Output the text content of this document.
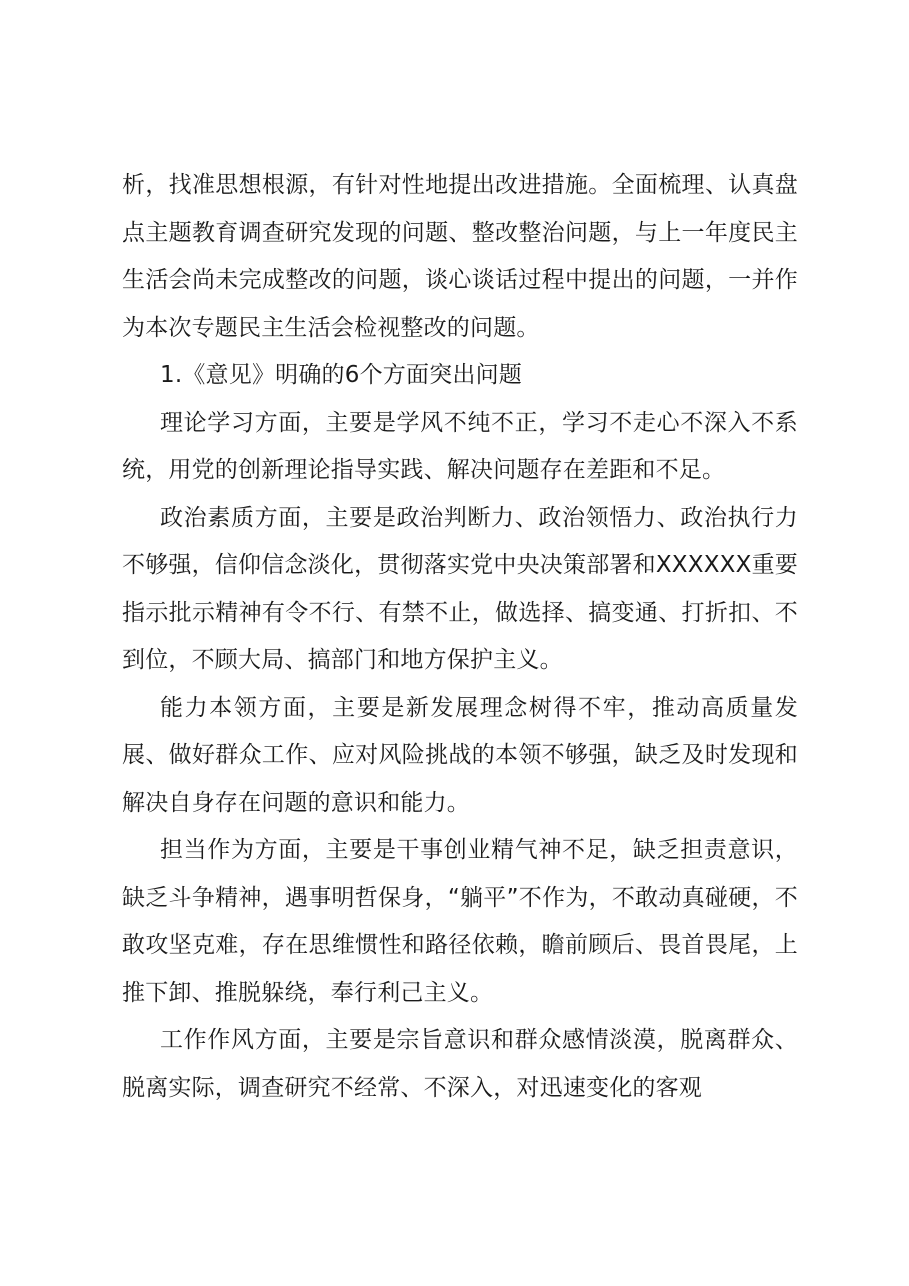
析，找准思想根源，有针对性地提出改进措施。全面梳理、认真盘点主题教育调查研究发现的问题、整改整治问题，与上一年度民主生活会尚未完成整改的问题，谈心谈话过程中提出的问题，一并作为本次专题民主生活会检视整改的问题。

1.《意见》明确的6个方面突出问题

理论学习方面，主要是学风不纯不正，学习不走心不深入不系统，用党的创新理论指导实践、解决问题存在差距和不足。

政治素质方面，主要是政治判断力、政治领悟力、政治执行力不够强，信仰信念淡化，贯彻落实党中央决策部署和XXXXXX重要指示批示精神有令不行、有禁不止，做选择、搞变通、打折扣、不到位，不顾大局、搞部门和地方保护主义。

能力本领方面，主要是新发展理念树得不牢，推动高质量发展、做好群众工作、应对风险挑战的本领不够强，缺乏及时发现和解决自身存在问题的意识和能力。

担当作为方面，主要是干事创业精气神不足，缺乏担责意识，缺乏斗争精神，遇事明哲保身，“躺平”不作为，不敢动真碰硬，不敢攻坚克难，存在思维惯性和路径依赖，瞻前顾后、畏首畏尾，上推下卸、推脱躲绕，奉行利己主义。

工作作风方面，主要是宗旨意识和群众感情淡漠，脱离群众、脱离实际，调查研究不经常、不深入，对迅速变化的客观
